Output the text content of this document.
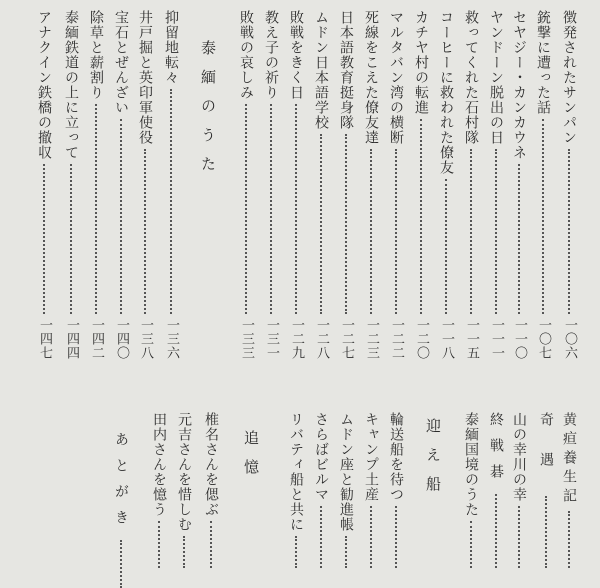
徴発されたサンパン
一〇六
銃撃に遭った話
一〇七
セヤジー・カンカウネ
一一〇
ヤンドーン脱出の日
一一一
救ってくれた石村隊
一一五
コーヒーに救われた僚友
一一八
カチヤ村の転進
一二〇
マルタバン湾の横断
一二二
死線をこえた僚友達
一二三
日本語教育挺身隊
一二七
ムドン日本語学校
一二八
敗戦をきく日
一二九
教え子の祈り
一三一
敗戦の哀しみ
一三三
泰緬のうた
抑留地転々
一三六
井戸掘と英印軍使役
一三八
宝石とぜんざい
一四〇
除草と薪割り
一四二
泰緬鉄道の上に立って
一四四
アナクイン鉄橋の撤収
一四七
黄疸養生記
奇遇
山の幸川の幸
終戦碁
泰緬国境のうた
迎え船
輪送船を待つ
キャンプ土産
ムドン座と勧進帳
さらばビルマ
リバティ船と共に
追憶
椎名さんを偲ぶ
元吉さんを惜しむ
田内さんを憶う
あとがき
